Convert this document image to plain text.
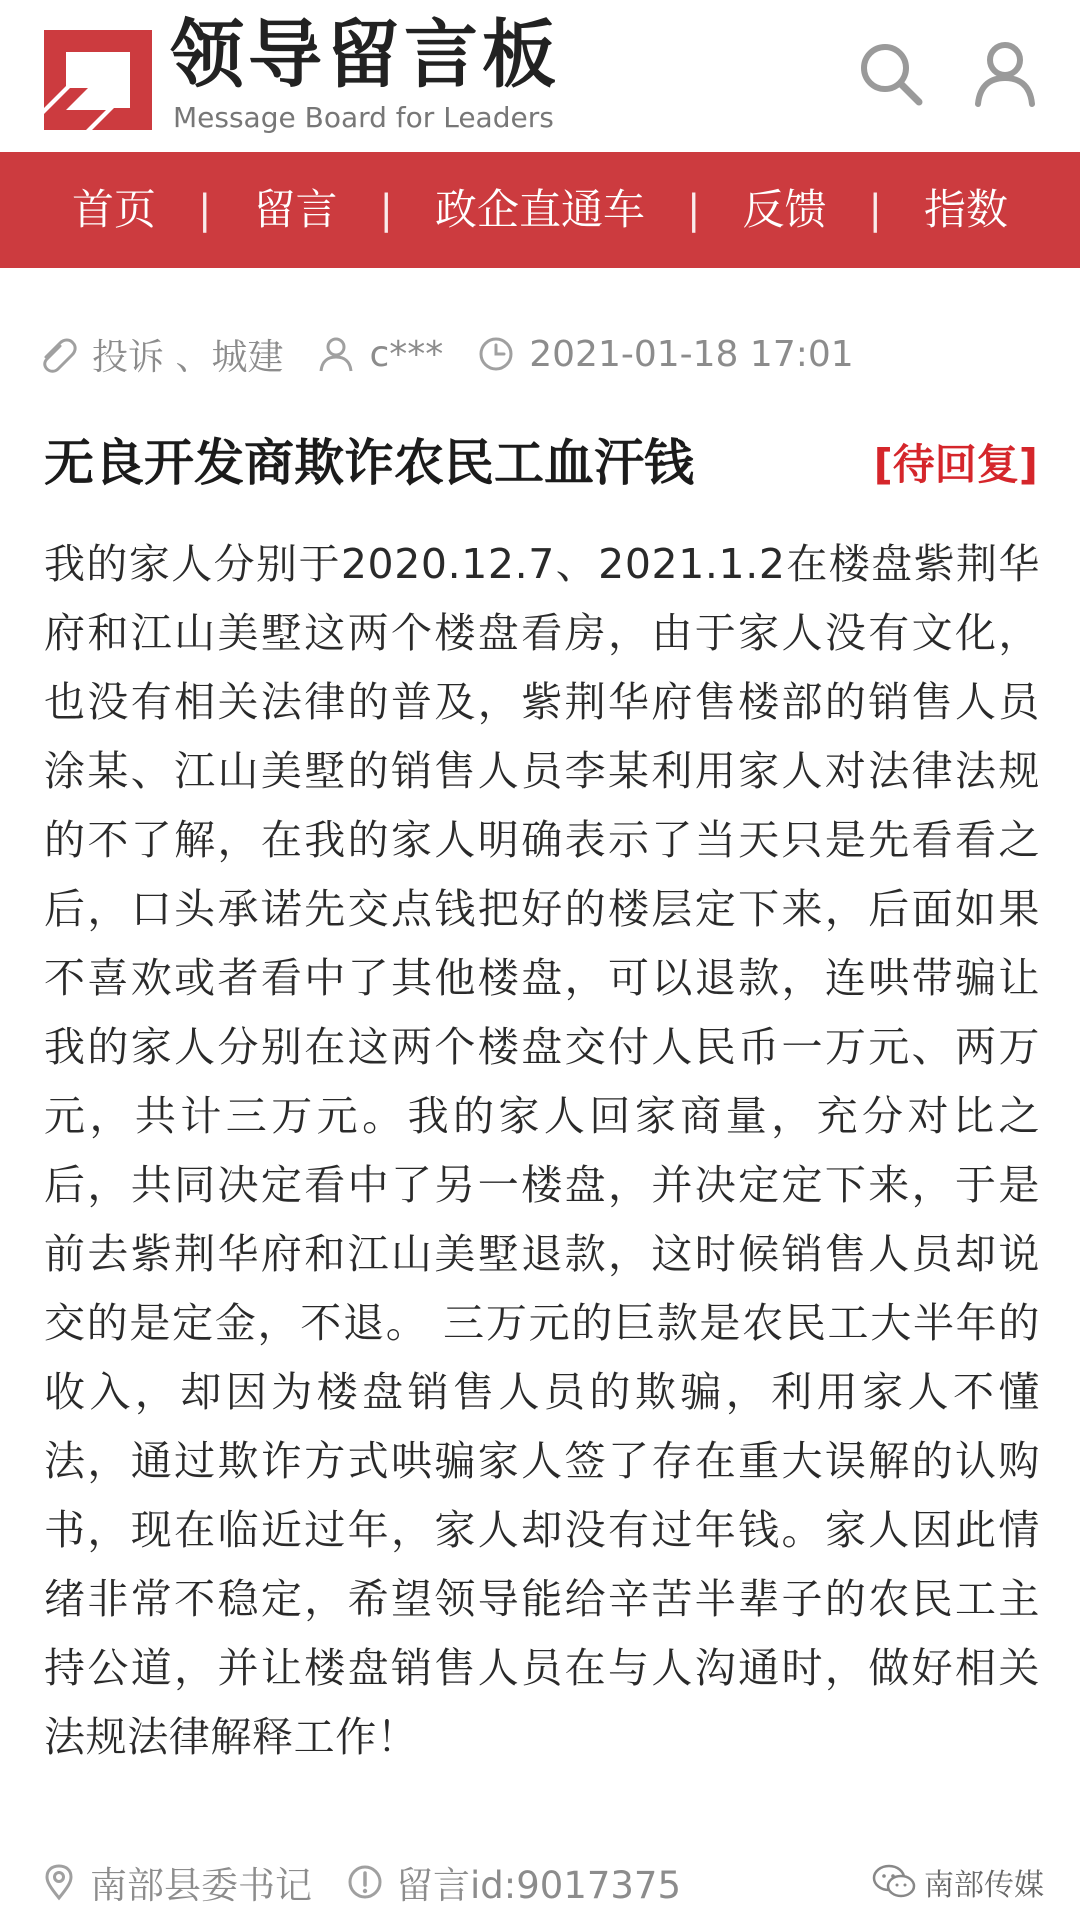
领导留言板
Message Board for Leaders
首页 | 留言 | 政企直通车 | 反馈 | 指数
投诉 、城建 c*** 2021-01-18 17:01
无良开发商欺诈农民工血汗钱	[待回复]
我的家人分别于2020.12.7、2021.1.2在楼盘紫荆华府和江山美墅这两个楼盘看房，由于家人没有文化，也没有相关法律的普及，紫荆华府售楼部的销售人员涂某、江山美墅的销售人员李某利用家人对法律法规的不了解，在我的家人明确表示了当天只是先看看之后，口头承诺先交点钱把好的楼层定下来，后面如果不喜欢或者看中了其他楼盘，可以退款，连哄带骗让我的家人分别在这两个楼盘交付人民币一万元、两万元，共计三万元。我的家人回家商量，充分对比之后，共同决定看中了另一楼盘，并决定定下来，于是前去紫荆华府和江山美墅退款，这时候销售人员却说交的是定金，不退。 三万元的巨款是农民工大半年的收入，却因为楼盘销售人员的欺骗，利用家人不懂法，通过欺诈方式哄骗家人签了存在重大误解的认购书，现在临近过年，家人却没有过年钱。家人因此情绪非常不稳定，希望领导能给辛苦半辈子的农民工主持公道，并让楼盘销售人员在与人沟通时，做好相关法规法律解释工作！
南部县委书记 留言id:9017375	南部传媒
